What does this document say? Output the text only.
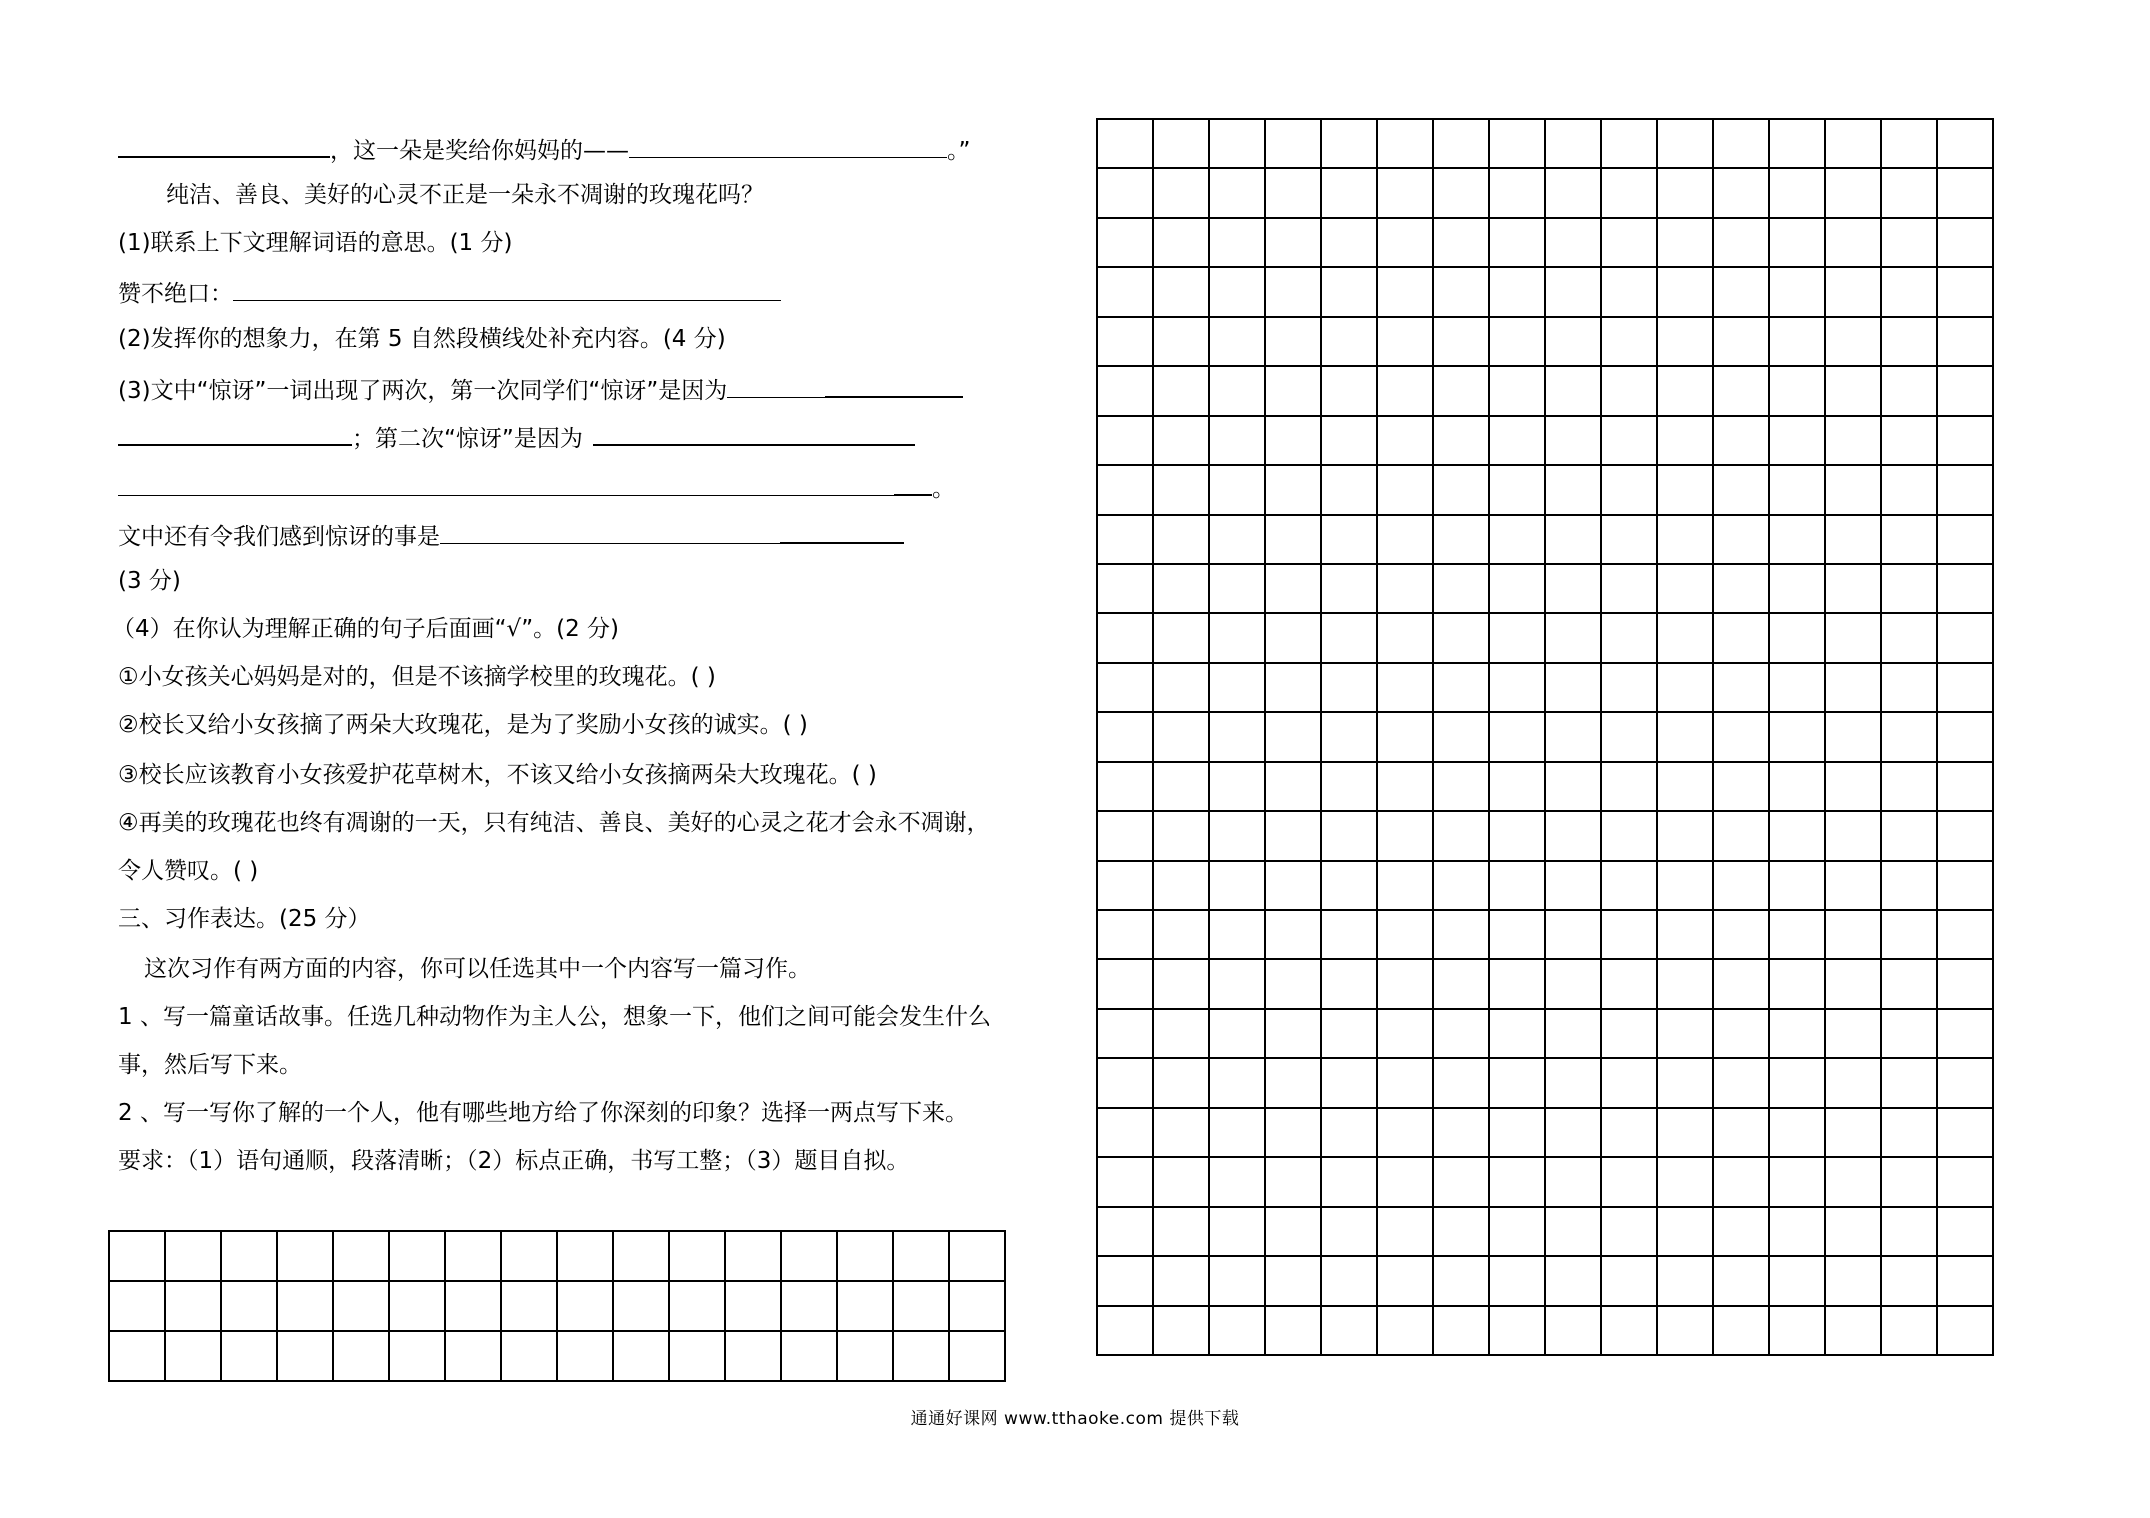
，这一朵是奖给你妈妈的——	。”
纯洁、善良、美好的心灵不正是一朵永不凋谢的玫瑰花吗？
(1)联系上下文理解词语的意思。(1 分)
赞不绝口：
(2)发挥你的想象力，在第 5 自然段横线处补充内容。(4 分)
(3)文中“惊讶”一词出现了两次，第一次同学们“惊讶”是因为
；第二次“惊讶”是因为
。
文中还有令我们感到惊讶的事是
(3 分)
（4）在你认为理解正确的句子后面画“√”。(2 分)
①小女孩关心妈妈是对的，但是不该摘学校里的玫瑰花。( )
②校长又给小女孩摘了两朵大玫瑰花，是为了奖励小女孩的诚实。( )
③校长应该教育小女孩爱护花草树木，不该又给小女孩摘两朵大玫瑰花。( )
④再美的玫瑰花也终有凋谢的一天，只有纯洁、善良、美好的心灵之花才会永不凋谢，
令人赞叹。( )
三、习作表达。(25 分）
这次习作有两方面的内容，你可以任选其中一个内容写一篇习作。
1 、写一篇童话故事。任选几种动物作为主人公，想象一下，他们之间可能会发生什么
事，然后写下来。
2 、写一写你了解的一个人，他有哪些地方给了你深刻的印象？选择一两点写下来。
要求：（1）语句通顺，段落清晰；（2）标点正确，书写工整；（3）题目自拟。
通通好课网 www.tthaoke.com 提供下载
